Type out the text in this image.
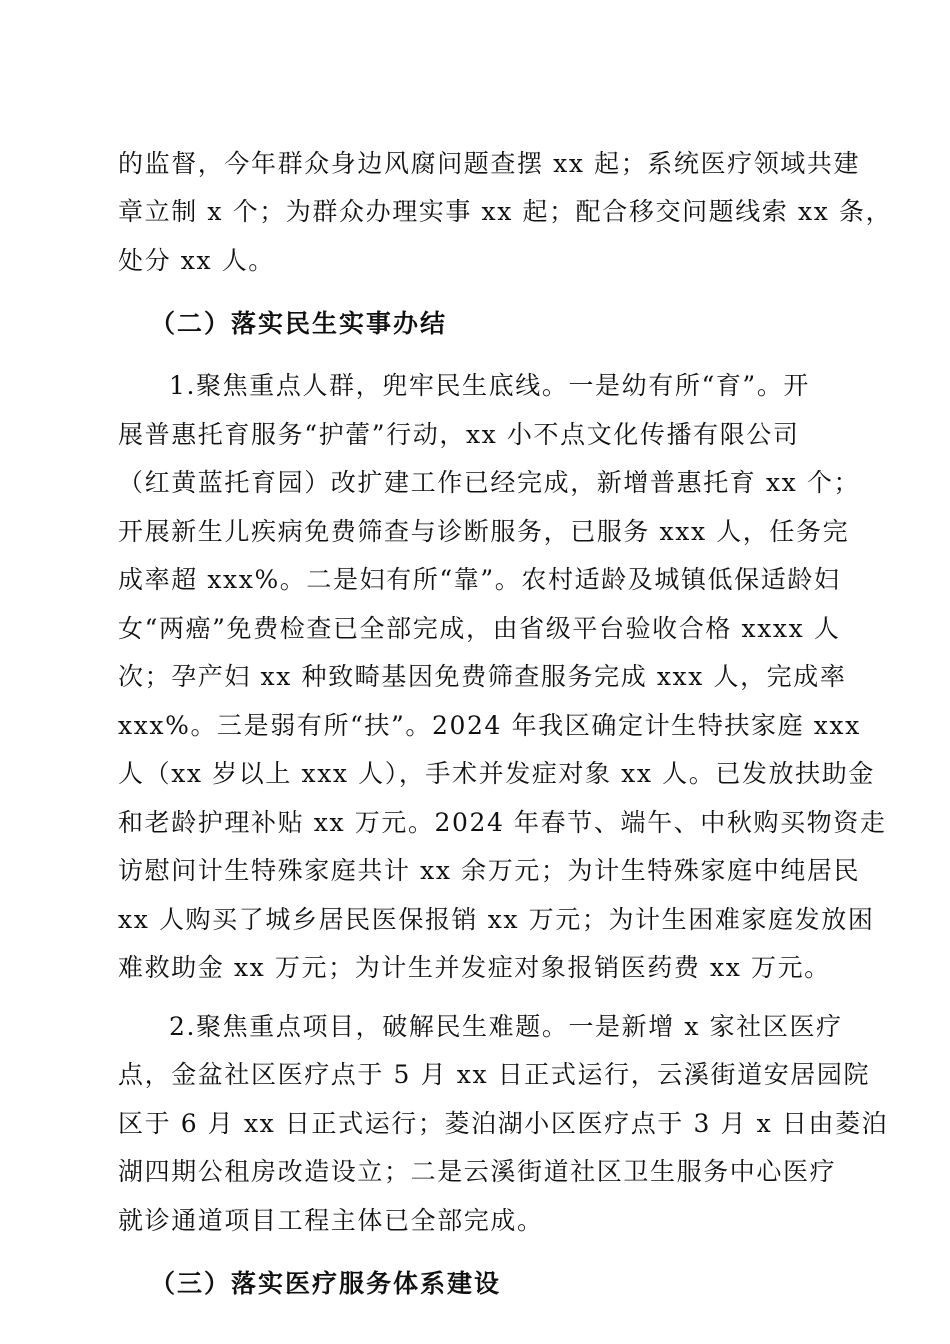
的监督，今年群众身边风腐问题查摆 xx 起；系统医疗领域共建
章立制 x 个；为群众办理实事 xx 起；配合移交问题线索 xx 条，
处分 xx 人。
（二）落实民生实事办结
1.聚焦重点人群，兜牢民生底线。一是幼有所“育”。开
展普惠托育服务“护蕾”行动，xx 小不点文化传播有限公司
（红黄蓝托育园）改扩建工作已经完成，新增普惠托育 xx 个；
开展新生儿疾病免费筛查与诊断服务，已服务 xxx 人，任务完
成率超 xxx%。二是妇有所“靠”。农村适龄及城镇低保适龄妇
女“两癌”免费检查已全部完成，由省级平台验收合格 xxxx 人
次；孕产妇 xx 种致畸基因免费筛查服务完成 xxx 人，完成率
xxx%。三是弱有所“扶”。2024 年我区确定计生特扶家庭 xxx
人（xx 岁以上 xxx 人），手术并发症对象 xx 人。已发放扶助金
和老龄护理补贴 xx 万元。2024 年春节、端午、中秋购买物资走
访慰问计生特殊家庭共计 xx 余万元；为计生特殊家庭中纯居民
xx 人购买了城乡居民医保报销 xx 万元；为计生困难家庭发放困
难救助金 xx 万元；为计生并发症对象报销医药费 xx 万元。
2.聚焦重点项目，破解民生难题。一是新增 x 家社区医疗
点，金盆社区医疗点于 5 月 xx 日正式运行，云溪街道安居园院
区于 6 月 xx 日正式运行；菱泊湖小区医疗点于 3 月 x 日由菱泊
湖四期公租房改造设立；二是云溪街道社区卫生服务中心医疗
就诊通道项目工程主体已全部完成。
（三）落实医疗服务体系建设
